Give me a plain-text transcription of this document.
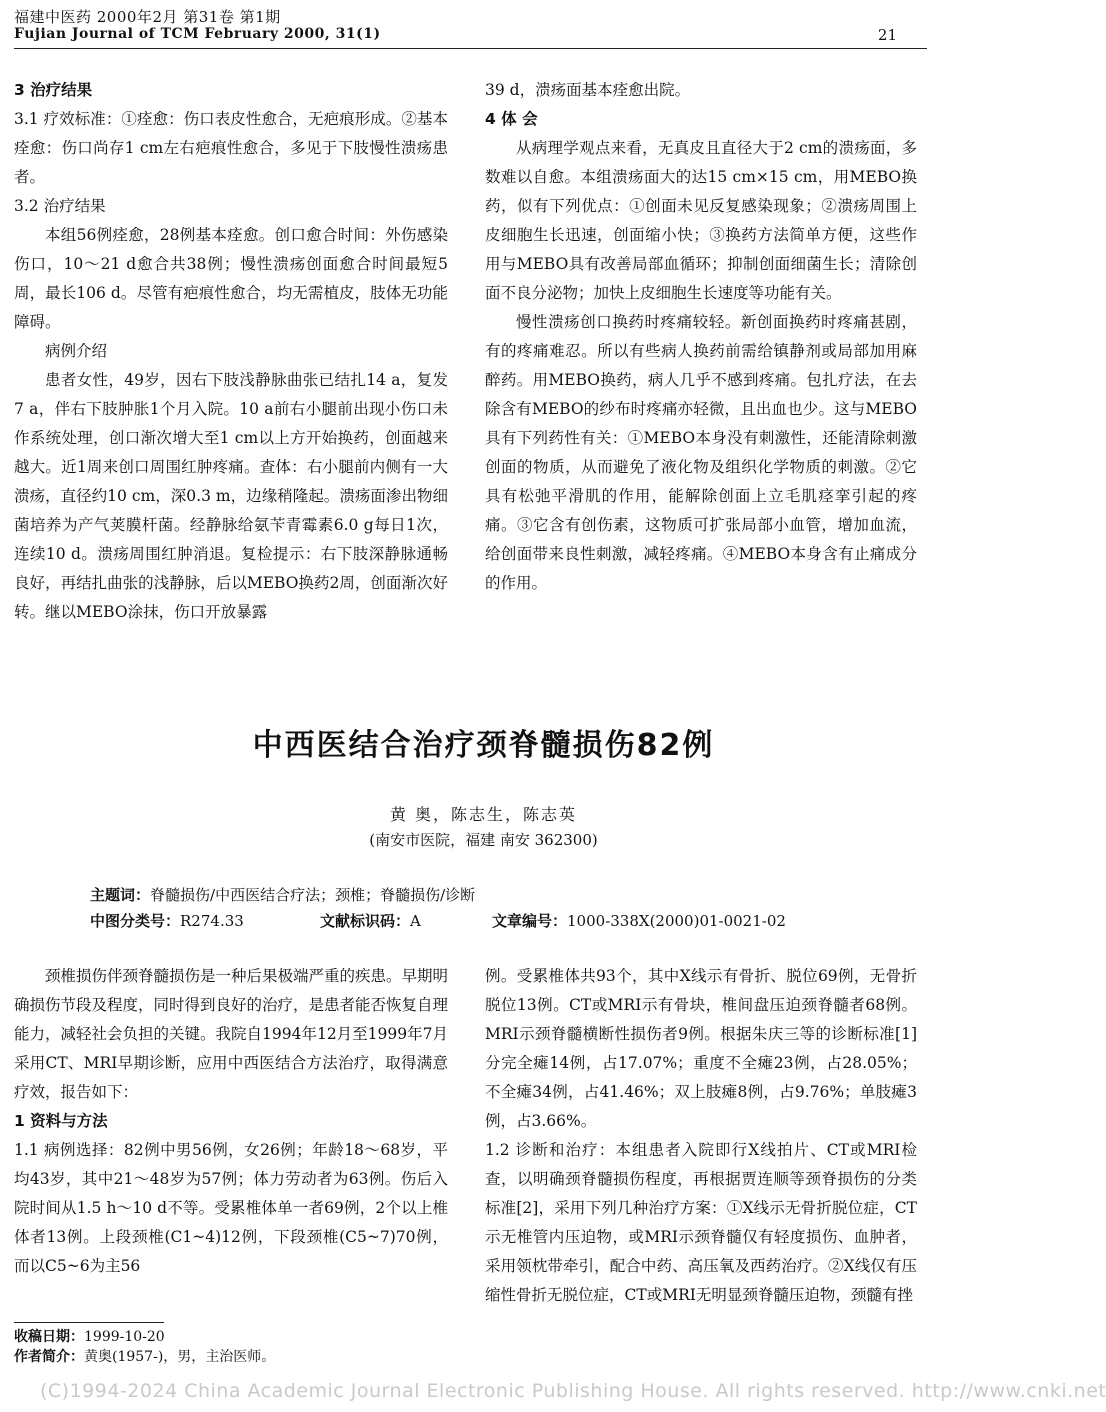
福建中医药 2000年2月 第31卷 第1期
Fujian Journal of TCM February 2000, 31(1)	21

3 治疗结果

3.1 疗效标准：①痊愈：伤口表皮性愈合，无疤痕形成。②基本痊愈：伤口尚存1 cm左右疤痕性愈合，多见于下肢慢性溃疡患者。

3.2 治疗结果

本组56例痊愈，28例基本痊愈。创口愈合时间：外伤感染伤口，10～21 d愈合共38例；慢性溃疡创面愈合时间最短5周，最长106 d。尽管有疤痕性愈合，均无需植皮，肢体无功能障碍。

病例介绍

患者女性，49岁，因右下肢浅静脉曲张已结扎14 a，复发7 a，伴右下肢肿胀1个月入院。10 a前右小腿前出现小伤口未作系统处理，创口渐次增大至1 cm以上方开始换药，创面越来越大。近1周来创口周围红肿疼痛。查体：右小腿前内侧有一大溃疡，直径约10 cm，深0.3 m，边缘稍隆起。溃疡面渗出物细菌培养为产气荚膜杆菌。经静脉给氨苄青霉素6.0 g每日1次，连续10 d。溃疡周围红肿消退。复检提示：右下肢深静脉通畅良好，再结扎曲张的浅静脉，后以MEBO换药2周，创面渐次好转。继以MEBO涂抹，伤口开放暴露

39 d，溃疡面基本痊愈出院。

4 体 会

从病理学观点来看，无真皮且直径大于2 cm的溃疡面，多数难以自愈。本组溃疡面大的达15 cm×15 cm，用MEBO换药，似有下列优点：①创面未见反复感染现象；②溃疡周围上皮细胞生长迅速，创面缩小快；③换药方法简单方便，这些作用与MEBO具有改善局部血循环；抑制创面细菌生长；清除创面不良分泌物；加快上皮细胞生长速度等功能有关。

慢性溃疡创口换药时疼痛较轻。新创面换药时疼痛甚剧，有的疼痛难忍。所以有些病人换药前需给镇静剂或局部加用麻醉药。用MEBO换药，病人几乎不感到疼痛。包扎疗法，在去除含有MEBO的纱布时疼痛亦轻微，且出血也少。这与MEBO具有下列药性有关：①MEBO本身没有刺激性，还能清除刺激创面的物质，从而避免了液化物及组织化学物质的刺激。②它具有松弛平滑肌的作用，能解除创面上立毛肌痉挛引起的疼痛。③它含有创伤素，这物质可扩张局部小血管，增加血流，给创面带来良性刺激，减轻疼痛。④MEBO本身含有止痛成分的作用。

中西医结合治疗颈脊髓损伤82例
黄 奥，陈志生，陈志英
(南安市医院，福建 南安 362300)
主题词：脊髓损伤/中西医结合疗法；颈椎；脊髓损伤/诊断
中图分类号：R274.33	文献标识码：A	文章编号：1000-338X(2000)01-0021-02

颈椎损伤伴颈脊髓损伤是一种后果极端严重的疾患。早期明确损伤节段及程度，同时得到良好的治疗，是患者能否恢复自理能力，减轻社会负担的关键。我院自1994年12月至1999年7月采用CT、MRI早期诊断，应用中西医结合方法治疗，取得满意疗效，报告如下：

1 资料与方法

1.1 病例选择：82例中男56例，女26例；年龄18～68岁，平均43岁，其中21～48岁为57例；体力劳动者为63例。伤后入院时间从1.5 h～10 d不等。受累椎体单一者69例，2个以上椎体者13例。上段颈椎(C1~4)12例，下段颈椎(C5~7)70例，而以C5~6为主56

例。受累椎体共93个，其中X线示有骨折、脱位69例，无骨折脱位13例。CT或MRI示有骨块，椎间盘压迫颈脊髓者68例。MRI示颈脊髓横断性损伤者9例。根据朱庆三等的诊断标准[1]分完全瘫14例，占17.07%；重度不全瘫23例，占28.05%；不全瘫34例，占41.46%；双上肢瘫8例，占9.76%；单肢瘫3例，占3.66%。

1.2 诊断和治疗：本组患者入院即行X线拍片、CT或MRI检查，以明确颈脊髓损伤程度，再根据贾连顺等颈脊损伤的分类标准[2]，采用下列几种治疗方案：①X线示无骨折脱位症，CT示无椎管内压迫物，或MRI示颈脊髓仅有轻度损伤、血肿者，采用领枕带牵引，配合中药、高压氧及西药治疗。②X线仅有压缩性骨折无脱位症，CT或MRI无明显颈脊髓压迫物，颈髓有挫

收稿日期：1999-10-20
作者简介：黄奥(1957-)，男，主治医师。
(C)1994-2024 China Academic Journal Electronic Publishing House. All rights reserved. http://www.cnki.net
